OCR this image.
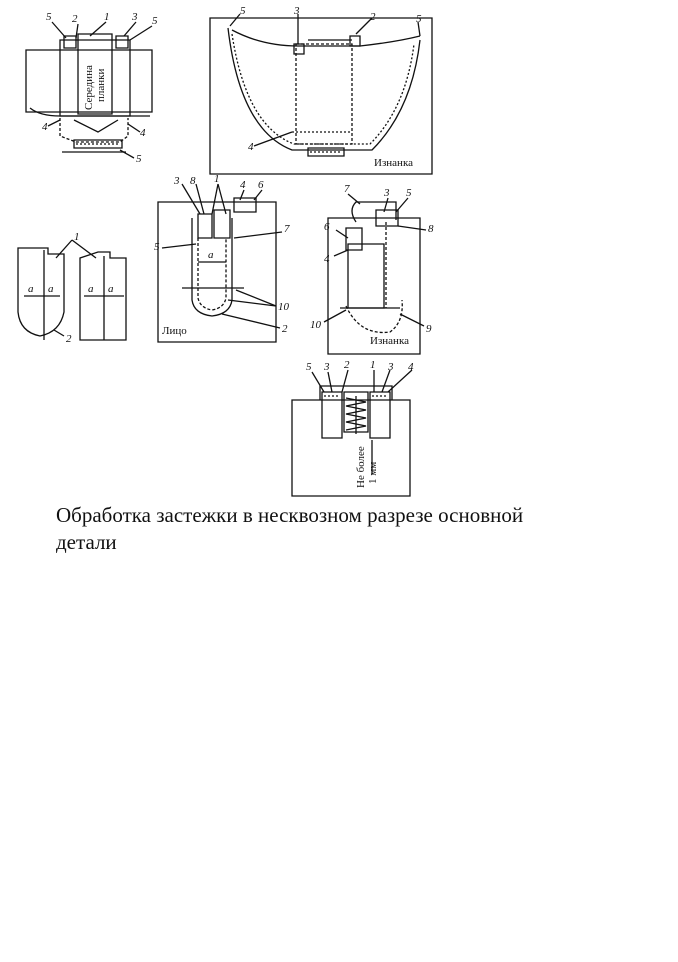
5 2 1 3 5
4	4
5
Середина планки
5	3	2	5
4
Изнанка
1
a a
2
a a
3 8 1 4 6
7
5
a
10
2
Лицо
7	3 5
8
6
4
10	9
Изнанка
5 3 2 1 3 4
Не более 1 мм
Обработка застежки в несквозном разрезе основной
детали
